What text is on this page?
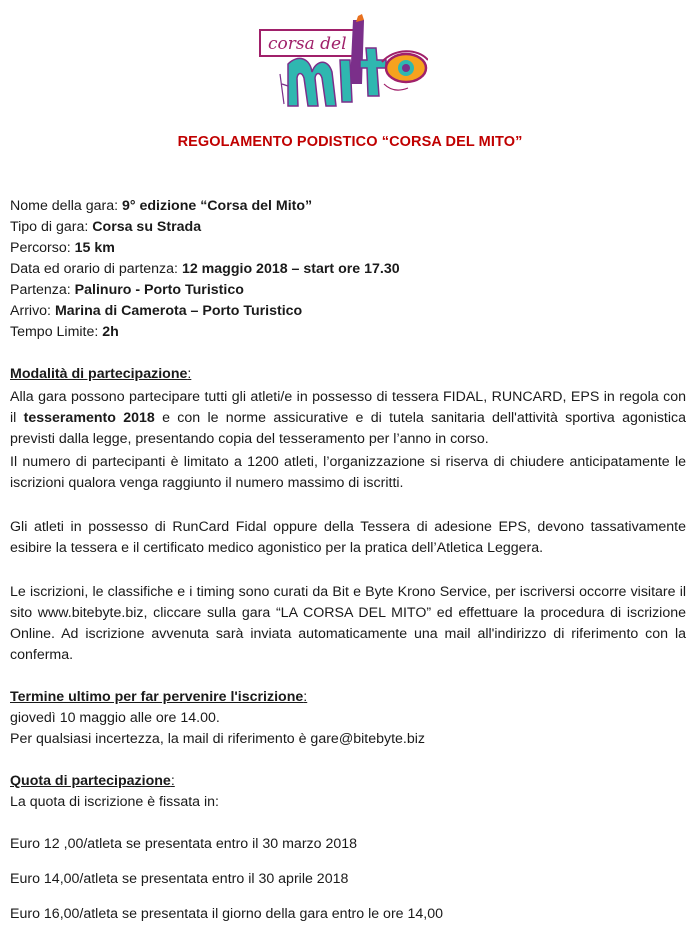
corsa del
REGOLAMENTO PODISTICO “CORSA DEL MITO”
Nome della gara: 9° edizione “Corsa del Mito”
Tipo di gara: Corsa su Strada
Percorso: 15 km
Data ed orario di partenza: 12 maggio 2018 – start ore 17.30
Partenza: Palinuro - Porto Turistico
Arrivo: Marina di Camerota – Porto Turistico
Tempo Limite: 2h
Modalità di partecipazione:

Alla gara possono partecipare tutti gli atleti/e in possesso di tessera FIDAL, RUNCARD, EPS in regola con il tesseramento 2018 e con le norme assicurative e di tutela sanitaria dell'attività sportiva agonistica previsti dalla legge, presentando copia del tesseramento per l’anno in corso.

Il numero di partecipanti è limitato a 1200 atleti, l’organizzazione si riserva di chiudere anticipatamente le iscrizioni qualora venga raggiunto il numero massimo di iscritti.

Gli atleti in possesso di RunCard Fidal oppure della Tessera di adesione EPS, devono tassativamente esibire la tessera e il certificato medico agonistico per la pratica dell’Atletica Leggera.

Le iscrizioni, le classifiche e i timing sono curati da Bit e Byte Krono Service, per iscriversi occorre visitare il sito www.bitebyte.biz, cliccare sulla gara “LA CORSA DEL MITO” ed effettuare la procedura di iscrizione Online. Ad iscrizione avvenuta sarà inviata automaticamente una mail all'indirizzo di riferimento con la conferma.

Termine ultimo per far pervenire l'iscrizione:
giovedì 10 maggio alle ore 14.00.
Per qualsiasi incertezza, la mail di riferimento è gare@bitebyte.biz
Quota di partecipazione:
La quota di iscrizione è fissata in:
Euro 12 ,00/atleta se presentata entro il 30 marzo 2018
Euro 14,00/atleta se presentata entro il 30 aprile 2018
Euro 16,00/atleta se presentata il giorno della gara entro le ore 14,00
